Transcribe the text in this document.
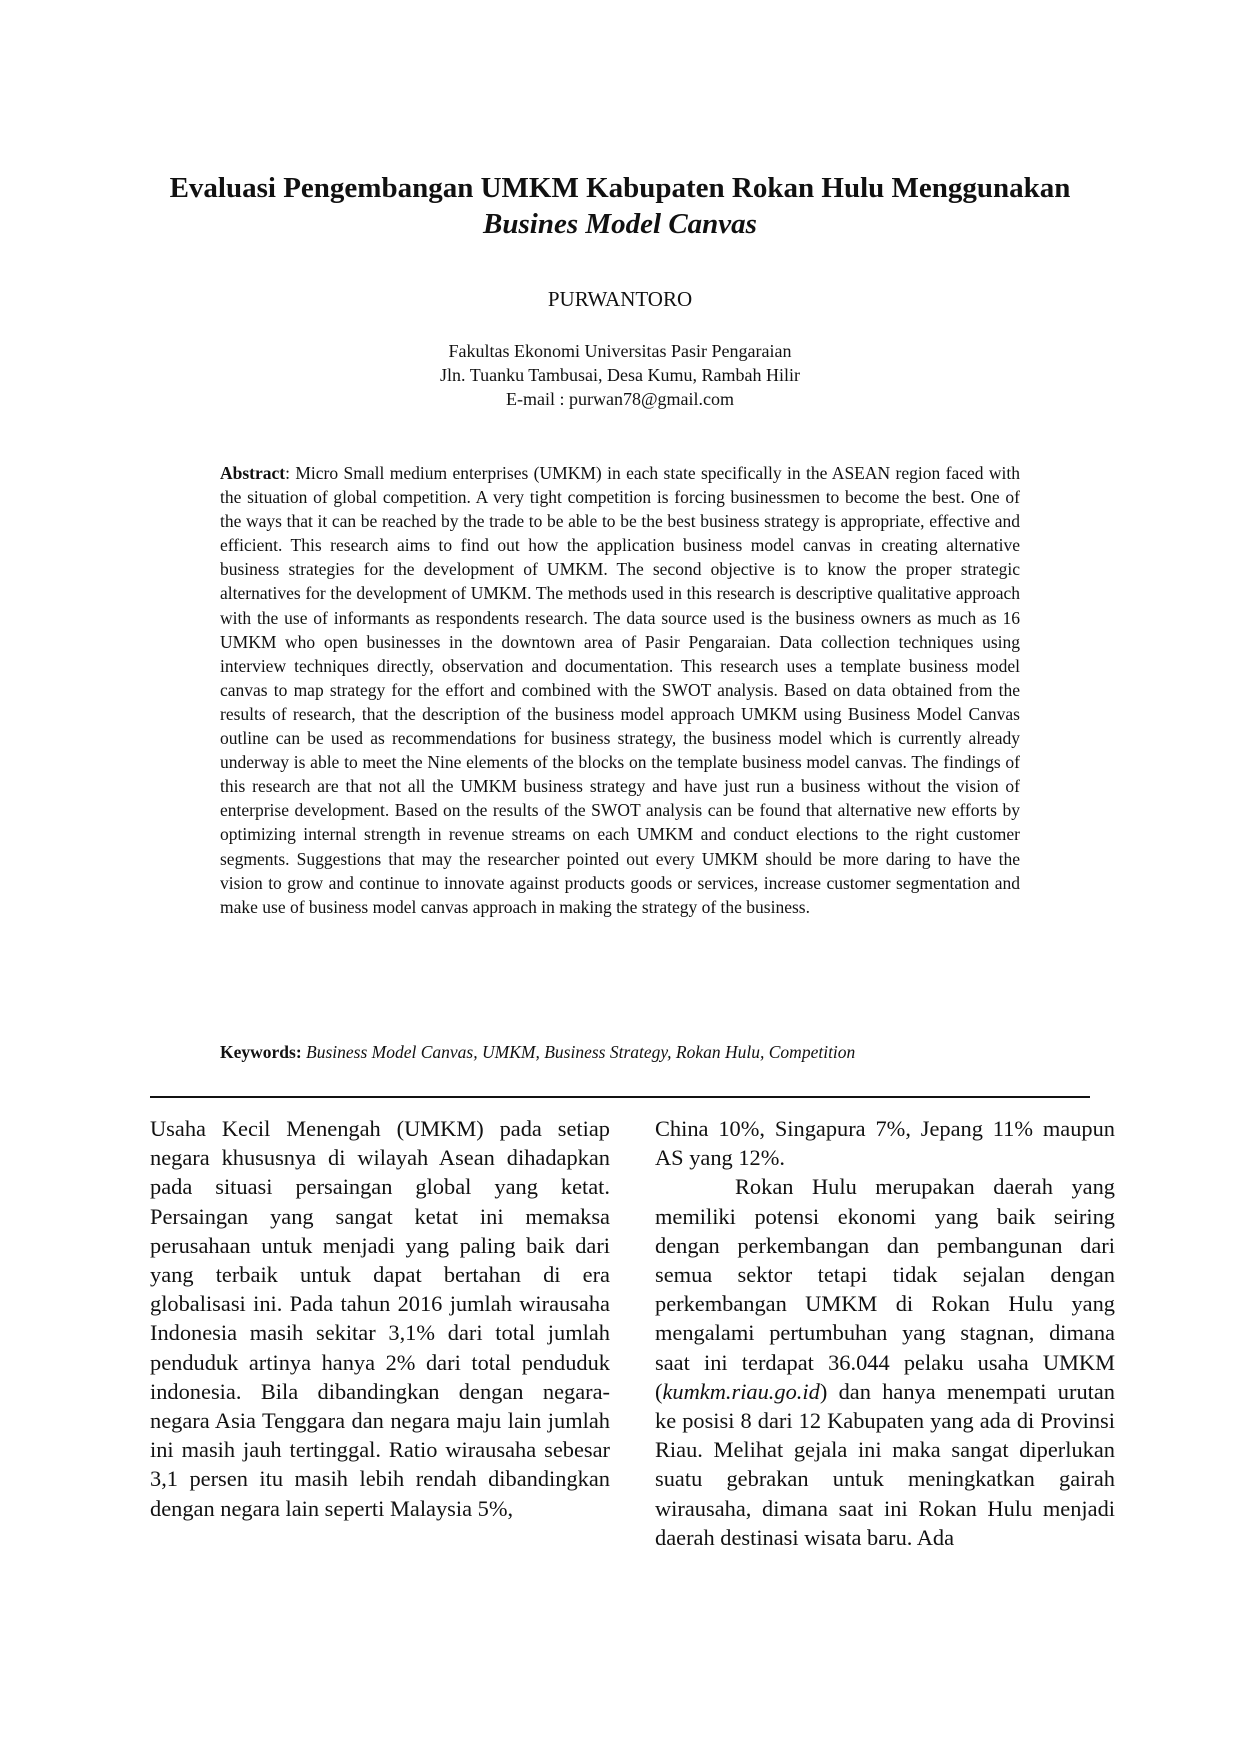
Evaluasi Pengembangan UMKM Kabupaten Rokan Hulu Menggunakan
Busines Model Canvas
PURWANTORO
Fakultas Ekonomi Universitas Pasir Pengaraian
Jln. Tuanku Tambusai, Desa Kumu, Rambah Hilir
E-mail : purwan78@gmail.com
Abstract: Micro Small medium enterprises (UMKM) in each state specifically in the ASEAN region faced with the situation of global competition. A very tight competition is forcing businessmen to become the best. One of the ways that it can be reached by the trade to be able to be the best business strategy is appropriate, effective and efficient. This research aims to find out how the application business model canvas in creating alternative business strategies for the development of UMKM. The second objective is to know the proper strategic alternatives for the development of UMKM. The methods used in this research is descriptive qualitative approach with the use of informants as respondents research. The data source used is the business owners as much as 16 UMKM who open businesses in the downtown area of Pasir Pengaraian. Data collection techniques using interview techniques directly, observation and documentation. This research uses a template business model canvas to map strategy for the effort and combined with the SWOT analysis. Based on data obtained from the results of research, that the description of the business model approach UMKM using Business Model Canvas outline can be used as recommendations for business strategy, the business model which is currently already underway is able to meet the Nine elements of the blocks on the template business model canvas. The findings of this research are that not all the UMKM business strategy and have just run a business without the vision of enterprise development. Based on the results of the SWOT analysis can be found that alternative new efforts by optimizing internal strength in revenue streams on each UMKM and conduct elections to the right customer segments. Suggestions that may the researcher pointed out every UMKM should be more daring to have the vision to grow and continue to innovate against products goods or services, increase customer segmentation and make use of business model canvas approach in making the strategy of the business.
Keywords: Business Model Canvas, UMKM, Business Strategy, Rokan Hulu, Competition

Usaha Kecil Menengah (UMKM) pada setiap negara khususnya di wilayah Asean dihadapkan pada situasi persaingan global yang ketat. Persaingan yang sangat ketat ini memaksa perusahaan untuk menjadi yang paling baik dari yang terbaik untuk dapat bertahan di era globalisasi ini. Pada tahun 2016 jumlah wirausaha Indonesia masih sekitar 3,1% dari total jumlah penduduk artinya hanya 2% dari total penduduk indonesia. Bila dibandingkan dengan negara-negara Asia Tenggara dan negara maju lain jumlah ini masih jauh tertinggal. Ratio wirausaha sebesar 3,1 persen itu masih lebih rendah dibandingkan dengan negara lain seperti Malaysia 5%,

China 10%, Singapura 7%, Jepang 11% maupun AS yang 12%.

Rokan Hulu merupakan daerah yang memiliki potensi ekonomi yang baik seiring dengan perkembangan dan pembangunan dari semua sektor tetapi tidak sejalan dengan perkembangan UMKM di Rokan Hulu yang mengalami pertumbuhan yang stagnan, dimana saat ini terdapat 36.044 pelaku usaha UMKM (kumkm.riau.go.id) dan hanya menempati urutan ke posisi 8 dari 12 Kabupaten yang ada di Provinsi Riau. Melihat gejala ini maka sangat diperlukan suatu gebrakan untuk meningkatkan gairah wirausaha, dimana saat ini Rokan Hulu menjadi daerah destinasi wisata baru. Ada
